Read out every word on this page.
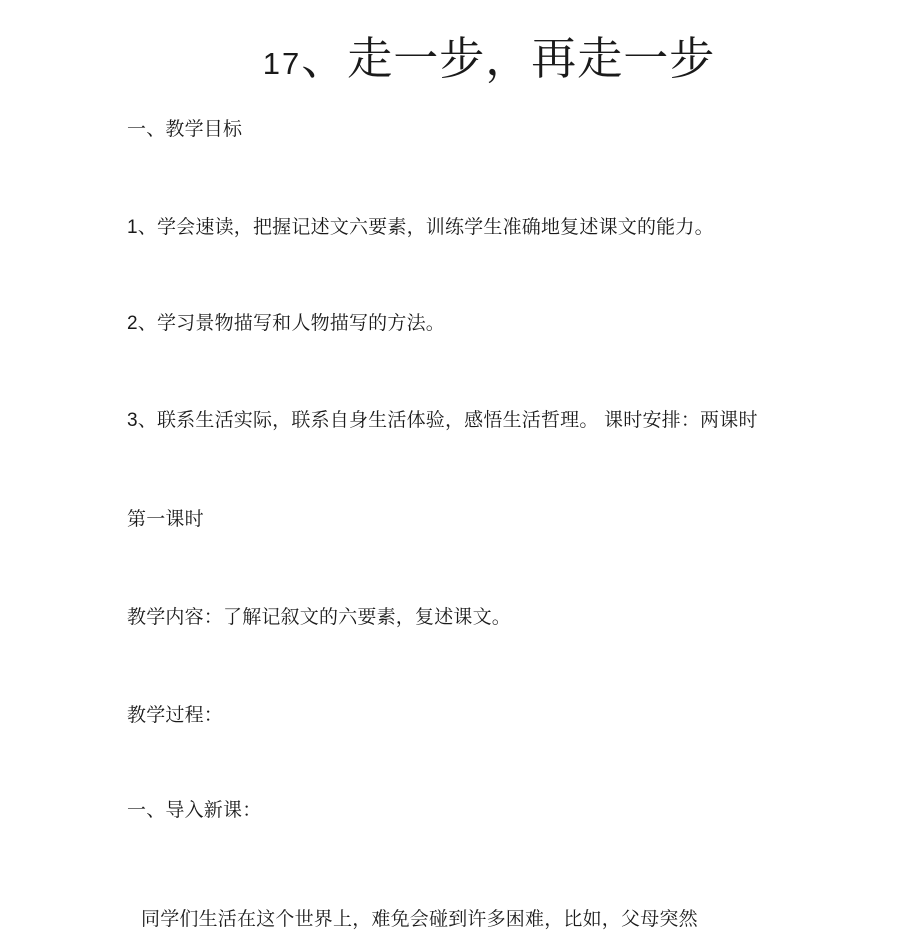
17、走一步，再走一步

一、教学目标

1、学会速读，把握记述文六要素，训练学生准确地复述课文的能力。

2、学习景物描写和人物描写的方法。

3、联系生活实际，联系自身生活体验，感悟生活哲理。 课时安排：两课时

第一课时

教学内容：了解记叙文的六要素，复述课文。

教学过程：

一、导入新课：

同学们生活在这个世界上，难免会碰到许多困难，比如，父母突然
